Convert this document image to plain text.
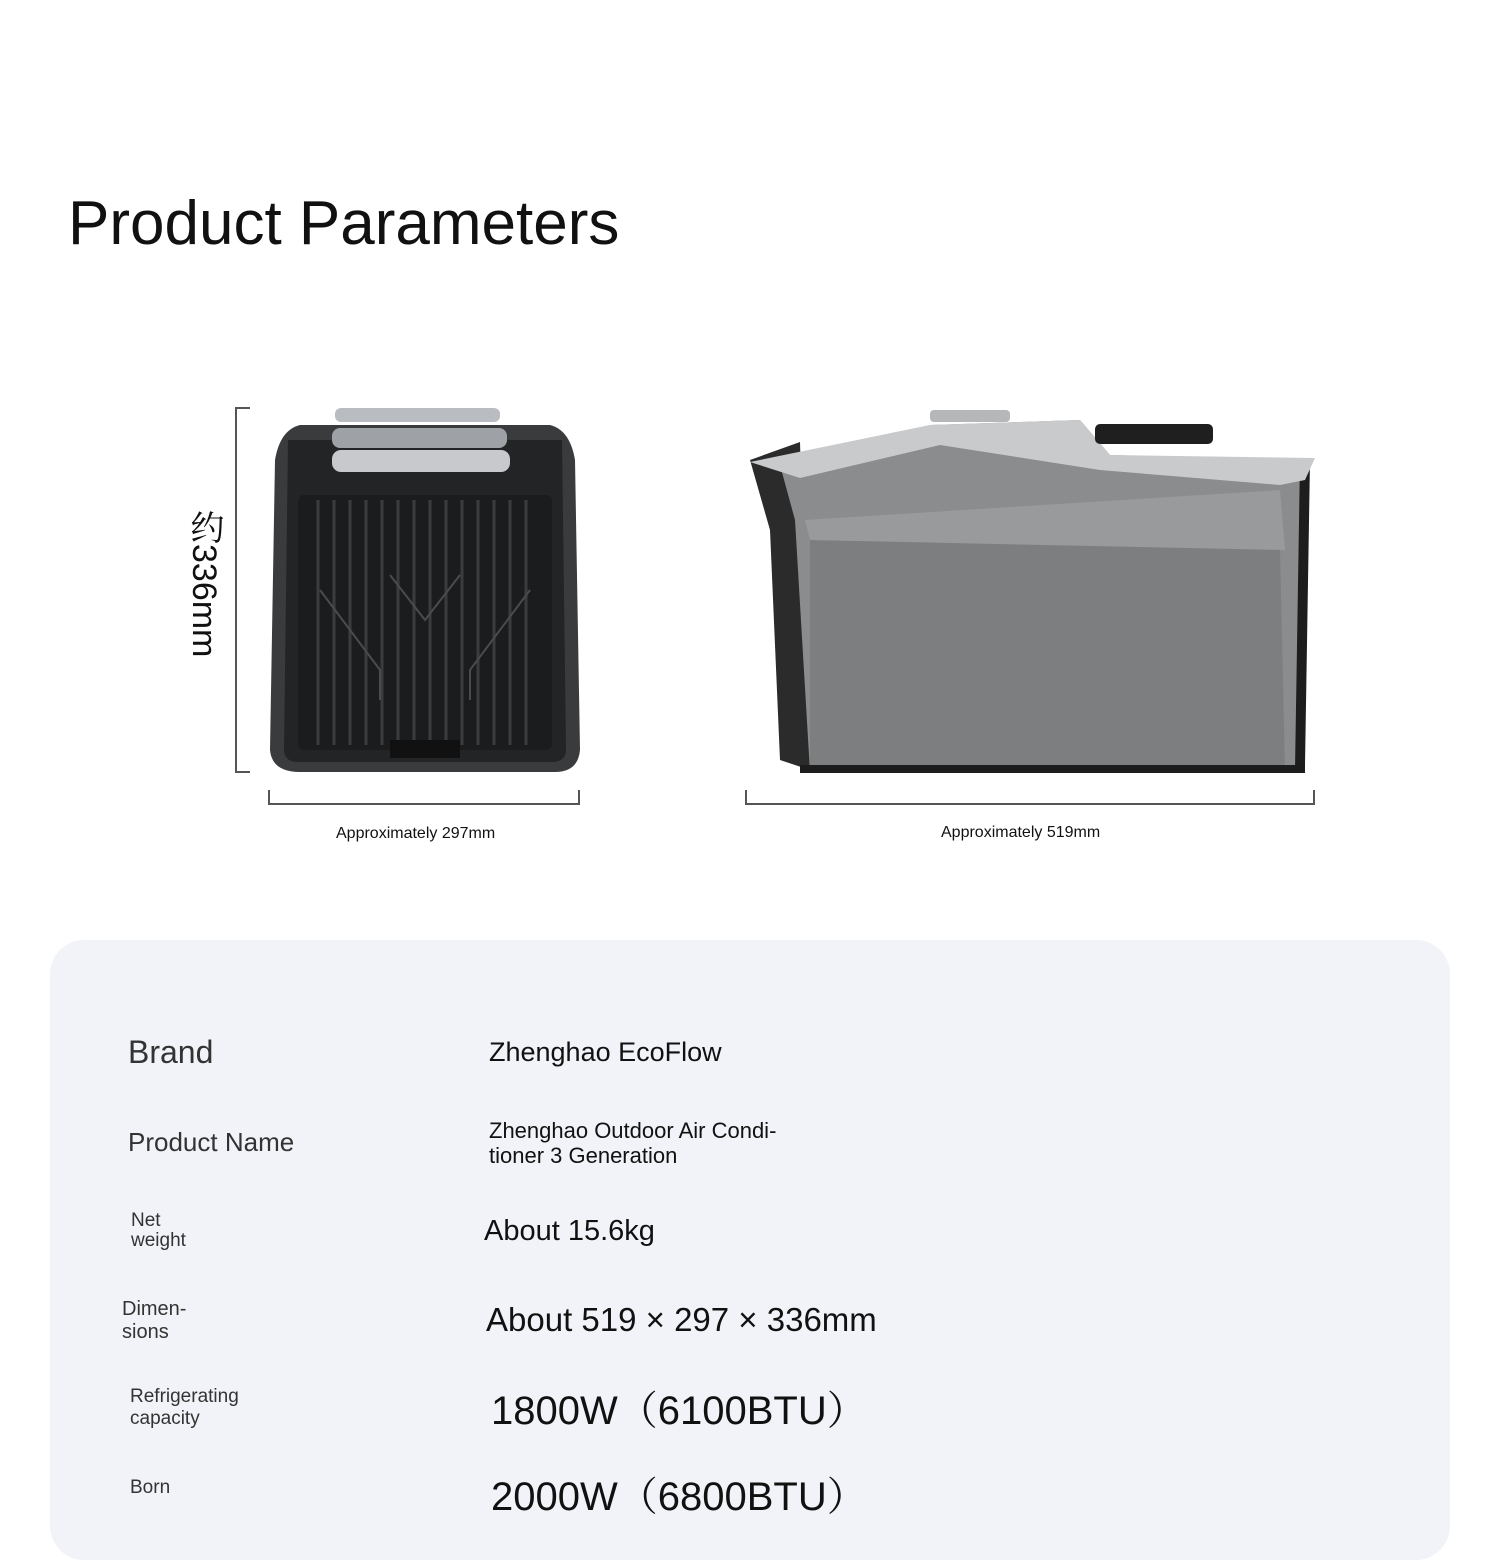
Product Parameters
约336mm
Approximately 297mm	Approximately 519mm
Brand	Zhenghao EcoFlow
Product Name	Zhenghao Outdoor Air Condi-
tioner 3 Generation
Net
weight	About 15.6kg
Dimen-
sions	About 519 × 297 × 336mm
Refrigerating
capacity	1800W（6100BTU）
Born	2000W（6800BTU）
